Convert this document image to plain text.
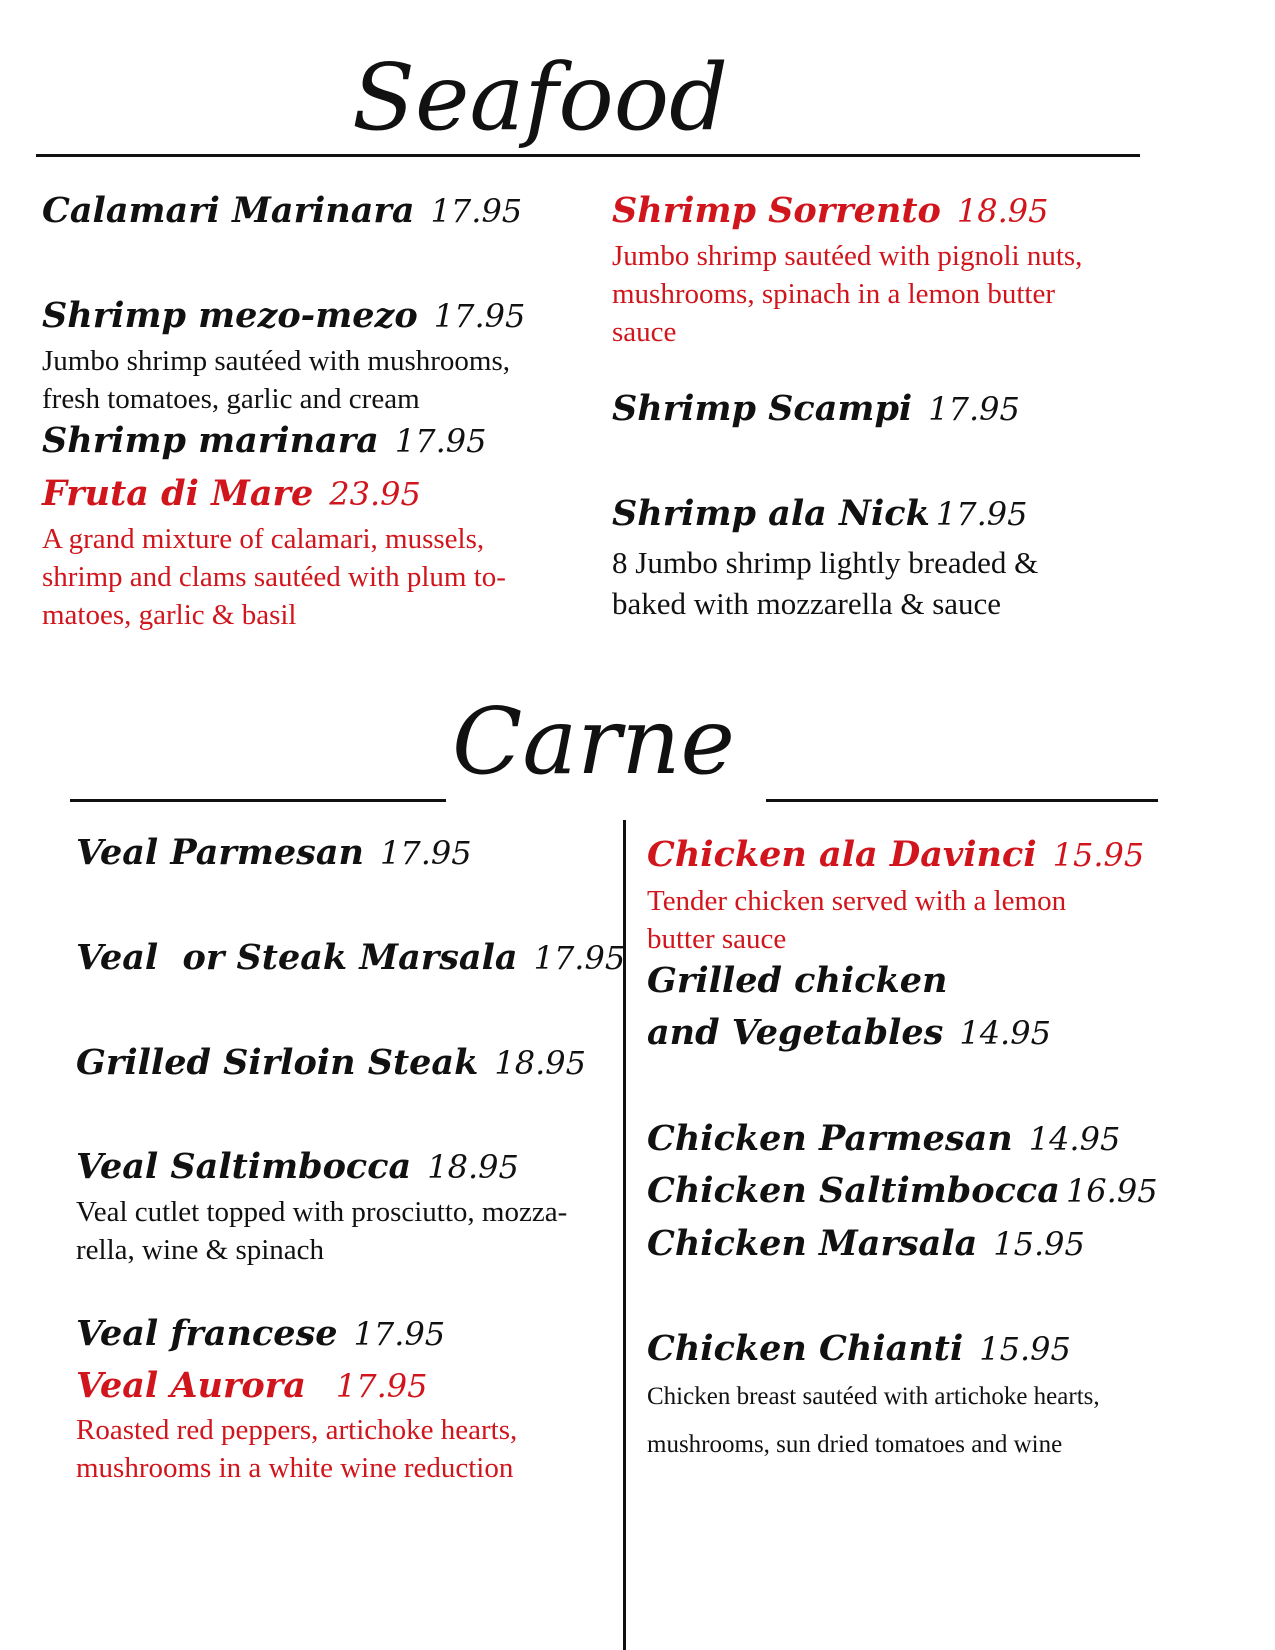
Seafood
Calamari Marinara 17.95
Shrimp mezo-mezo 17.95
Jumbo shrimp sautéed with mushrooms,
fresh tomatoes, garlic and cream
Shrimp marinara 17.95
Fruta di Mare 23.95
A grand mixture of calamari, mussels,
shrimp and clams sautéed with plum to-
matoes, garlic & basil
Shrimp Sorrento 18.95
Jumbo shrimp sautéed with pignoli nuts,
mushrooms, spinach in a lemon butter
sauce
Shrimp Scampi 17.95
Shrimp ala Nick 17.95
8 Jumbo shrimp lightly breaded &
baked with mozzarella & sauce
Carne
Veal Parmesan 17.95
Veal  or Steak Marsala 17.95
Grilled Sirloin Steak 18.95
Veal Saltimbocca 18.95
Veal cutlet topped with prosciutto, mozza-
rella, wine & spinach
Veal francese 17.95
Veal Aurora 17.95
Roasted red peppers, artichoke hearts,
mushrooms in a white wine reduction
Chicken ala Davinci 15.95
Tender chicken served with a lemon
butter sauce
Grilled chicken
and Vegetables 14.95
Chicken Parmesan 14.95
Chicken Saltimbocca 16.95
Chicken Marsala 15.95
Chicken Chianti 15.95
Chicken breast sautéed with artichoke hearts,
mushrooms, sun dried tomatoes and wine
